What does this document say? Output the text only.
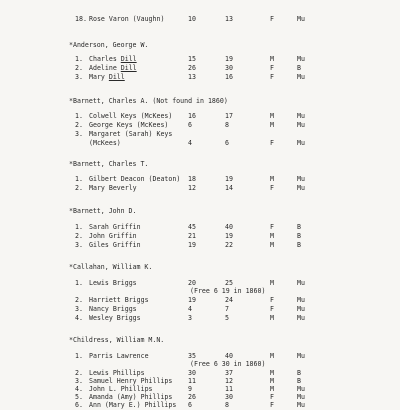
18. Rose Varon (Vaughn)	10	13	F	Mu
*Anderson, George W.
1. Charles Dill	15	19	M	Mu
2. Adeline Dill	26	30	F	B
3. Mary Dill	13	16	F	Mu
*Barnett, Charles A. (Not found in 1860)
1. Colwell Keys (McKees) 16	17	M	Mu
2. George Keys (McKees)	6	8	M	Mu
3. Margaret (Sarah) Keys
(McKees)	4	6	F	Mu
*Barnett, Charles T.
1. Gilbert Deacon (Deaton) 18	19	M	Mu
2. Mary Beverly	12	14	F	Mu
*Barnett, John D.
1. Sarah Griffin	45	40	F	B
2. John Griffin	21	19	M	B
3. Giles Griffin	19	22	M	B
*Callahan, William K.
1. Lewis Briggs	20	25	M	Mu
(Free 6 19 in 1860)
2. Harriett Briggs	19	24	F	Mu
3. Nancy Briggs	4	7	F	Mu
4. Wesley Briggs	3	5	M	Mu
*Childress, William M.N.
1. Parris Lawrence	35	40	M	Mu
(Free 6 30 in 1860)
2. Lewis Phillips	30	37	M	B
3. Samuel Henry Phillips 11	12	M	B
4. John L. Phillips	9	11	M	Mu
5. Amanda (Amy) Phillips 26	30	F	Mu
6. Ann (Mary E.) Phillips 6	8	F	Mu
